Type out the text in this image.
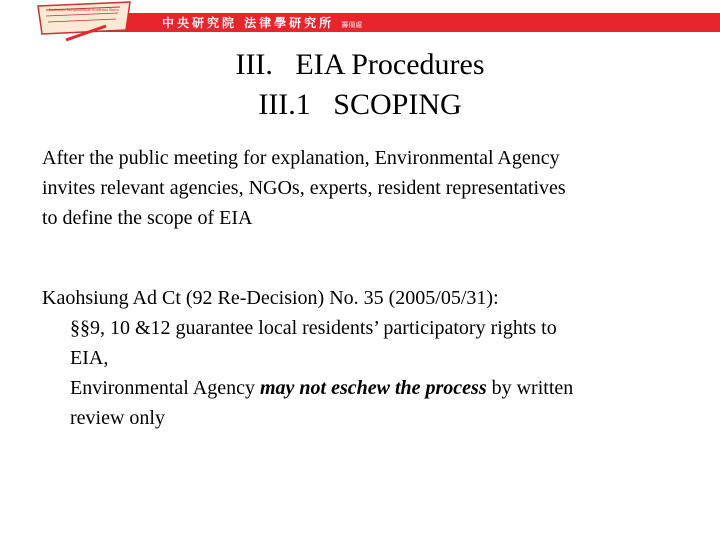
Institutum Iurisprudentiae Academia Sinica
中央研究院 法律學研究所 籌備處
III.   EIA Procedures
III.1   SCOPING
After the public meeting for explanation, Environmental Agency
invites relevant agencies, NGOs, experts, resident representatives
to define the scope of EIA
Kaohsiung Ad Ct (92 Re-Decision) No. 35 (2005/05/31):
§§9, 10 &12 guarantee local residents’ participatory rights to
EIA,
Environmental Agency may not eschew the process by written
review only
